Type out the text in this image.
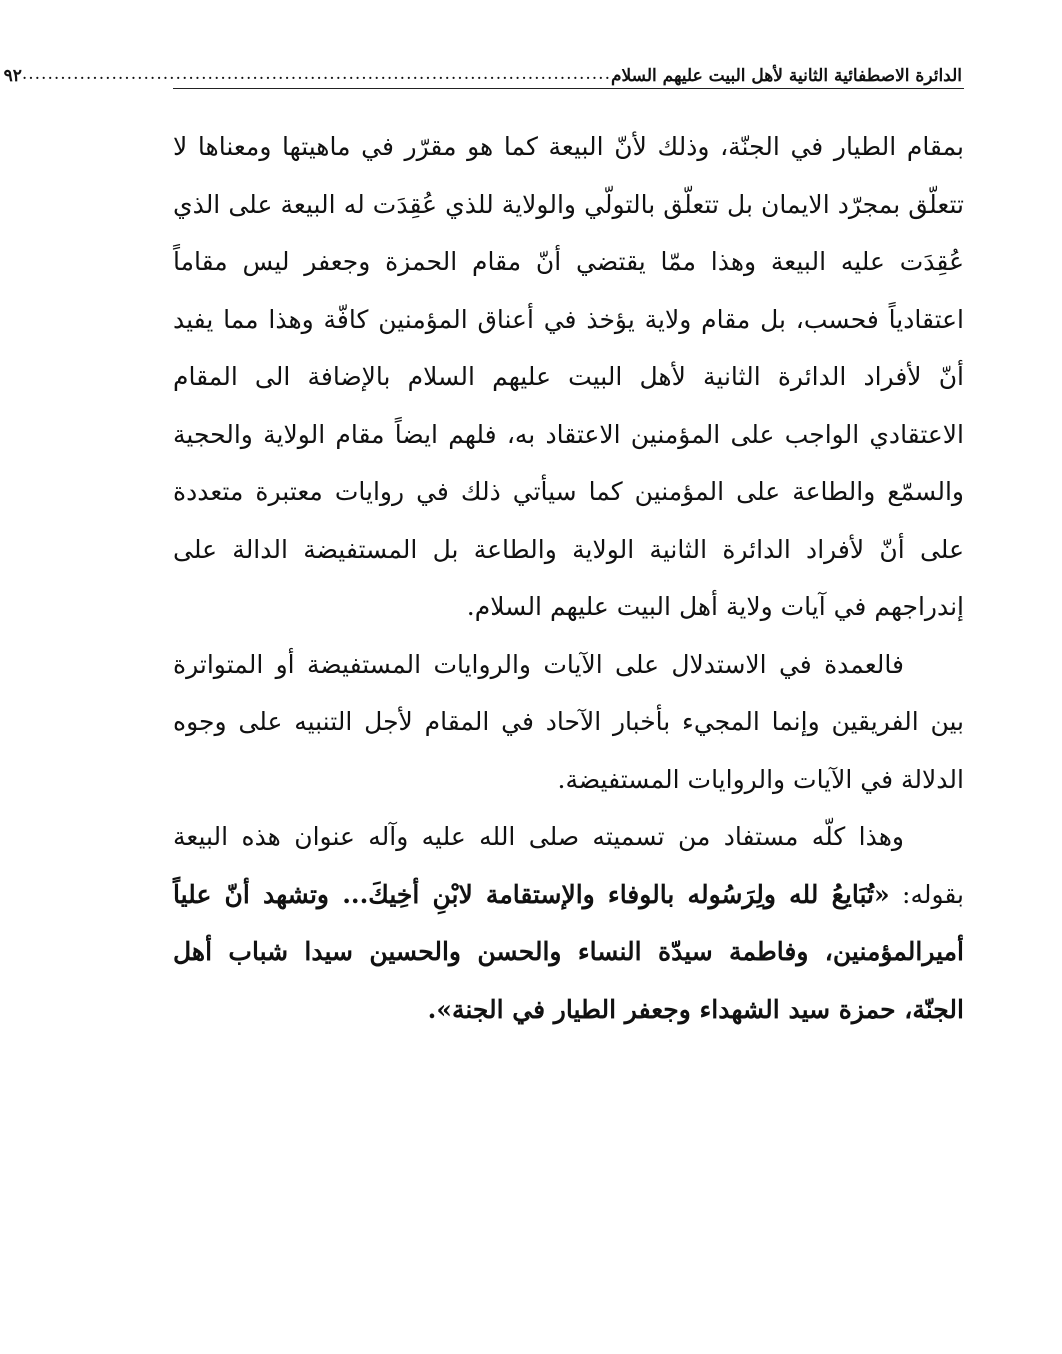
الدائرة الاصطفائية الثانية لأهل البيت عليهم السلام
............................................................................................
٩٢

بمقام الطيار في الجنّة، وذلك لأنّ البيعة كما هو مقرّر في ماهيتها ومعناها لا تتعلّق بمجرّد الايمان بل تتعلّق بالتولّي والولاية للذي عُقِدَت له البيعة على الذي عُقِدَت عليه البيعة وهذا ممّا يقتضي أنّ مقام الحمزة وجعفر ليس مقاماً اعتقادياً فحسب، بل مقام ولاية يؤخذ في أعناق المؤمنين كافّة وهذا مما يفيد أنّ لأفراد الدائرة الثانية لأهل البيت عليهم السلام بالإضافة الى المقام الاعتقادي الواجب على المؤمنين الاعتقاد به، فلهم ايضاً مقام الولاية والحجية والسمّع والطاعة على المؤمنين كما سيأتي ذلك في روايات معتبرة متعددة على أنّ لأفراد الدائرة الثانية الولاية والطاعة بل المستفيضة الدالة على إندراجهم في آيات ولاية أهل البيت عليهم السلام.

فالعمدة في الاستدلال على الآيات والروايات المستفيضة أو المتواترة بين الفريقين وإنما المجيء بأخبار الآحاد في المقام لأجل التنبيه على وجوه الدلالة في الآيات والروايات المستفيضة.

وهذا كلّه مستفاد من تسميته صلى الله عليه وآله عنوان هذه البيعة بقوله: «تُبَايعُ لله ولِرَسُوله بالوفاء والإستقامة لابْنِ أخِيكَ... وتشهد أنّ علياً أميرالمؤمنين، وفاطمة سيدّة النساء والحسن والحسين سيدا شباب أهل الجنّة، حمزة سيد الشهداء وجعفر الطيار في الجنة».
